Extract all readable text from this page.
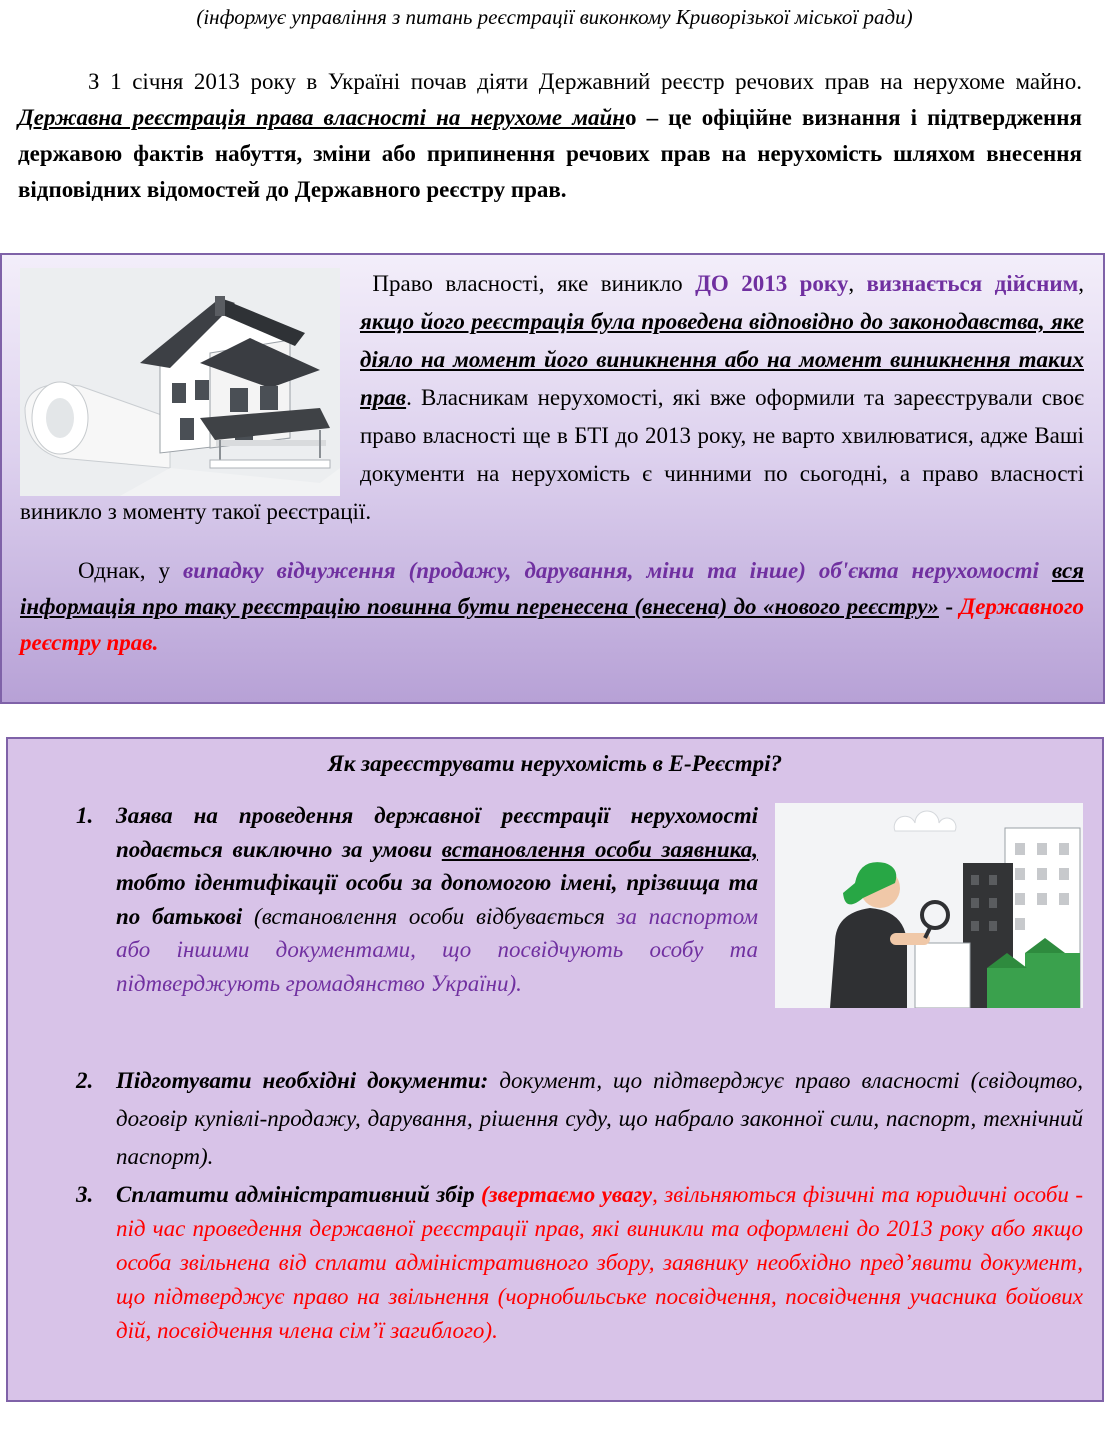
(інформує управління з питань реєстрації виконкому Криворізької міської ради)
З 1 січня 2013 року в Україні почав діяти Державний реєстр речових прав на нерухоме майно. Державна реєстрація права власності на нерухоме майно – це офіційне визнання і підтвердження державою фактів набуття, зміни або припинення речових прав на нерухомість шляхом внесення відповідних відомостей до Державного реєстру прав.

Право власності, яке виникло ДО 2013 року, визнається дійсним, якщо його реєстрація була проведена відповідно до законодавства, яке діяло на момент його виникнення або на момент виникнення таких прав. Власникам нерухомості, які вже оформили та зареєстрували своє право власності ще в БТІ до 2013 року, не варто хвилюватися, адже Ваші документи на нерухомість є чинними по сьогодні, а право власності виникло з моменту такої реєстрації.

Однак, у випадку відчуження (продажу, дарування, міни та інше) об'єкта нерухомості вся інформація про таку реєстрацію повинна бути перенесена (внесена) до «нового реєстру» - Державного реєстру прав.

Як зареєструвати нерухомість в Е-Реєстрі?
1. Заява на проведення державної реєстрації нерухомості подається виключно за умови встановлення особи заявника, тобто ідентифікації особи за допомогою імені, прізвища та по батькові (встановлення особи відбувається за паспортом або іншими документами, що посвідчують особу та підтверджують громадянство України).
2. Підготувати необхідні документи: документ, що підтверджує право власності (свідоцтво, договір купівлі-продажу, дарування, рішення суду, що набрало законної сили, паспорт, технічний паспорт).
3. Сплатити адміністративний збір (звертаємо увагу, звільняються фізичні та юридичні особи - під час проведення державної реєстрації прав, які виникли та оформлені до 2013 року або якщо особа звільнена від сплати адміністративного збору, заявнику необхідно пред’явити документ, що підтверджує право на звільнення (чорнобильське посвідчення, посвідчення учасника бойових дій, посвідчення члена сім’ї загиблого).
